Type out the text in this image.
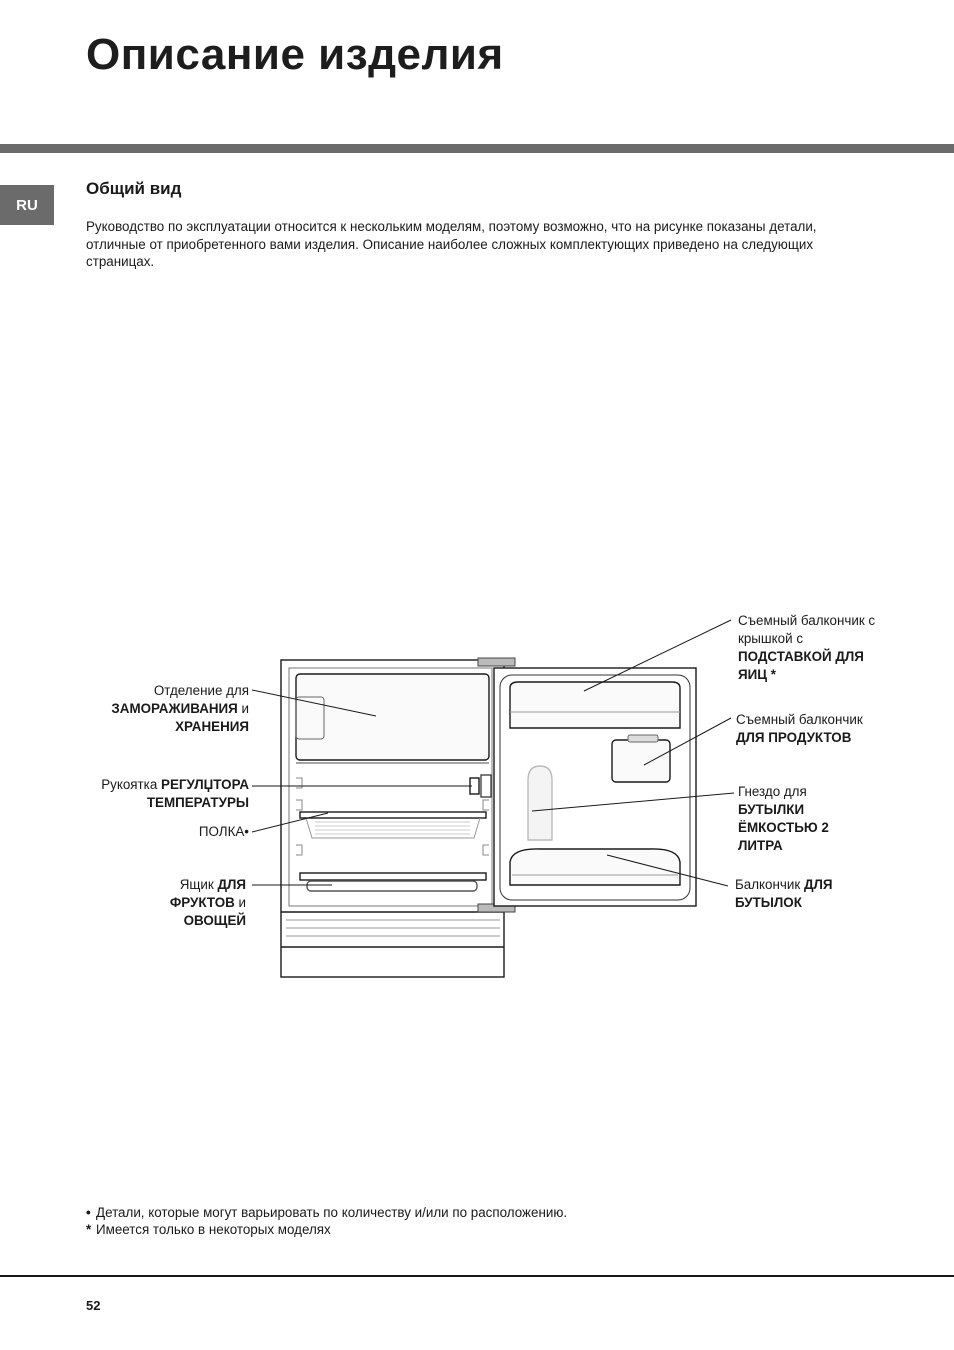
Описание изделия
RU
Общий вид

Руководство по эксплуатации относится к нескольким моделям, поэтому возможно, что на рисунке показаны детали, отличные от приобретенного вами изделия. Описание наиболее сложных комплектующих приведено на следующих страницах.

Отделение для
ЗАМОРАЖИВАНИЯ и
ХРАНЕНИЯ
Рукоятка РЕГУЛЏТОРА
ТЕМПЕРАТУРЫ
ПОЛКА•
Ящик ДЛЯ
ФРУКТОВ и
ОВОЩЕЙ
Съемный балкончик с
крышкой с
ПОДСТАВКОЙ ДЛЯ
ЯИЦ *
Съемный балкончик
ДЛЯ ПРОДУКТОВ
Гнездо для
БУТЫЛКИ
ЁМКОСТЬЮ 2
ЛИТРА
Балкончик ДЛЯ
БУТЫЛОК
• Детали, которые могут варьировать по количеству и/или по расположению.
* Имеется только в некоторых моделях
52
